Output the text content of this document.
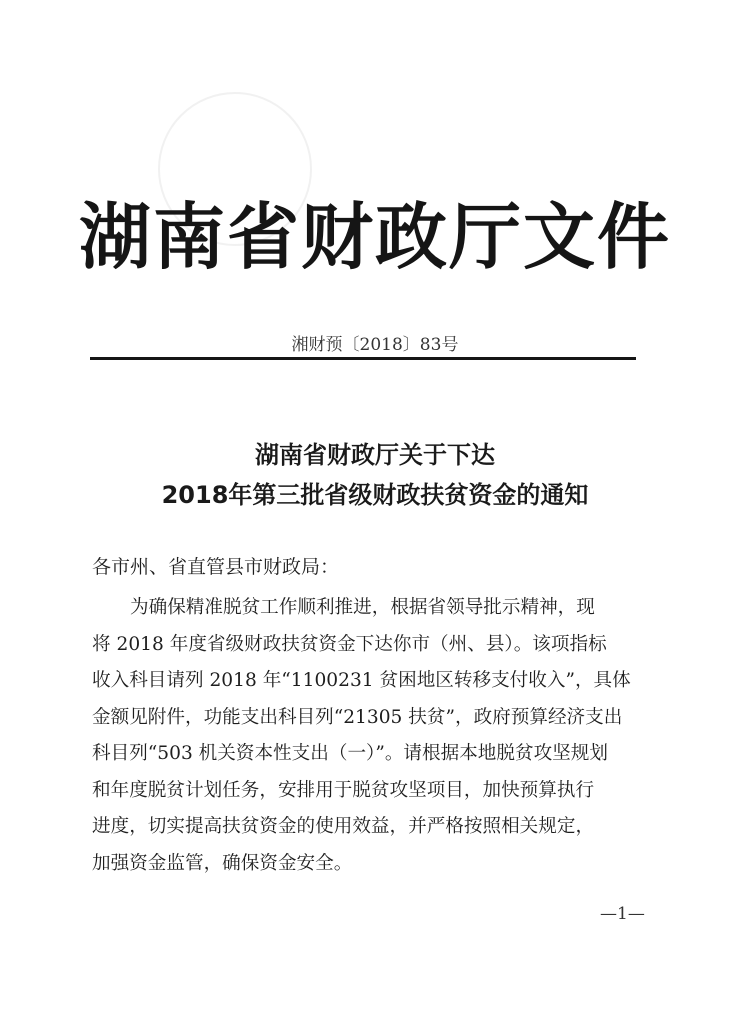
湖南省财政厅文件
湘财预〔2018〕83号
湖南省财政厅关于下达
2018年第三批省级财政扶贫资金的通知
各市州、省直管县市财政局：
为确保精准脱贫工作顺利推进，根据省领导批示精神，现
将 2018 年度省级财政扶贫资金下达你市（州、县）。该项指标
收入科目请列 2018 年“1100231 贫困地区转移支付收入”，具体
金额见附件，功能支出科目列“21305 扶贫”，政府预算经济支出
科目列“503 机关资本性支出（一）”。请根据本地脱贫攻坚规划
和年度脱贫计划任务，安排用于脱贫攻坚项目，加快预算执行
进度，切实提高扶贫资金的使用效益，并严格按照相关规定，
加强资金监管，确保资金安全。
—1—
